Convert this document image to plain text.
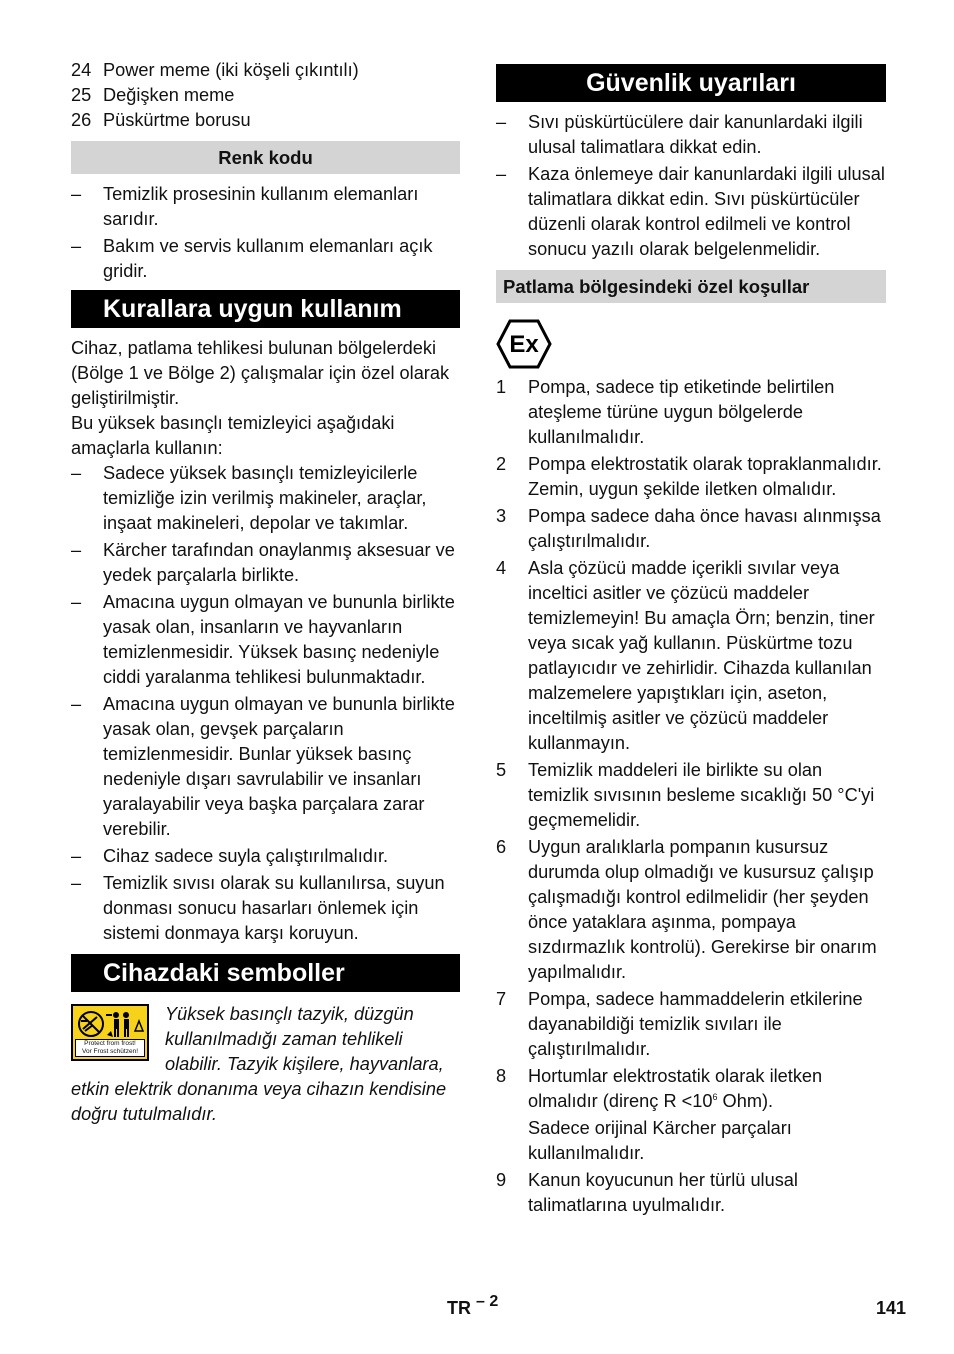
24 Power meme (iki köşeli çıkıntılı)
25 Değişken meme
26 Püskürtme borusu
Renk kodu
–	Temizlik prosesinin kullanım elemanları sarıdır.
–	Bakım ve servis kullanım elemanları açık gridir.
Kurallara uygun kullanım

Cihaz, patlama tehlikesi bulunan bölgelerdeki (Bölge 1 ve Bölge 2) çalışmalar için özel olarak geliştirilmiştir.

Bu yüksek basınçlı temizleyici aşağıdaki amaçlarla kullanın:

–	Sadece yüksek basınçlı temizleyicilerle temizliğe izin verilmiş makineler, araçlar, inşaat makineleri, depolar ve takımlar.
–	Kärcher tarafından onaylanmış aksesuar ve yedek parçalarla birlikte.
–	Amacına uygun olmayan ve bununla birlikte yasak olan, insanların ve hayvanların temizlenmesidir. Yüksek basınç nedeniyle ciddi yaralanma tehlikesi bulunmaktadır.
–	Amacına uygun olmayan ve bununla birlikte yasak olan, gevşek parçaların temizlenmesidir. Bunlar yüksek basınç nedeniyle dışarı savrulabilir ve insanları yaralayabilir veya başka parçalara zarar verebilir.
–	Cihaz sadece suyla çalıştırılmalıdır.
–	Temizlik sıvısı olarak su kullanılırsa, suyun donması sonucu hasarları önlemek için sistemi donmaya karşı koruyun.
Cihazdaki semboller
Protect from frost!
Vor Frost schützen!

Yüksek basınçlı tazyik, düzgün kullanılmadığı zaman tehlikeli olabilir. Tazyik kişilere, hayvanlara, etkin elektrik donanıma veya cihazın kendisine doğru tutulmalıdır.

Güvenlik uyarıları
–	Sıvı püskürtücülere dair kanunlardaki ilgili ulusal talimatlara dikkat edin.
–	Kaza önlemeye dair kanunlardaki ilgili ulusal talimatlara dikkat edin. Sıvı püskürtücüler düzenli olarak kontrol edilmeli ve kontrol sonucu yazılı olarak belgelenmelidir.
Patlama bölgesindeki özel koşullar
Ex
1	Pompa, sadece tip etiketinde belirtilen ateşleme türüne uygun bölgelerde kullanılmalıdır.
2	Pompa elektrostatik olarak topraklanmalıdır. Zemin, uygun şekilde iletken olmalıdır.
3	Pompa sadece daha önce havası alınmışsa çalıştırılmalıdır.
4	Asla çözücü madde içerikli sıvılar veya inceltici asitler ve çözücü maddeler temizlemeyin! Bu amaçla Örn; benzin, tiner veya sıcak yağ kullanın. Püskürtme tozu patlayıcıdır ve zehirlidir. Cihazda kullanılan malzemelere yapıştıkları için, aseton, inceltilmiş asitler ve çözücü maddeler kullanmayın.
5	Temizlik maddeleri ile birlikte su olan temizlik sıvısının besleme sıcaklığı 50 °C'yi geçmemelidir.
6	Uygun aralıklarla pompanın kusursuz durumda olup olmadığı ve kusursuz çalışıp çalışmadığı kontrol edilmelidir (her şeyden önce yataklara aşınma, pompaya sızdırmazlık kontrolü). Gerekirse bir onarım yapılmalıdır.
7	Pompa, sadece hammaddelerin etkilerine dayanabildiği temizlik sıvıları ile çalıştırılmalıdır.
8	Hortumlar elektrostatik olarak iletken olmalıdır (direnç $R <10^6$ Ohm).
Sadece orijinal Kärcher parçaları kullanılmalıdır.
9	Kanun koyucunun her türlü ulusal talimatlarına uyulmalıdır.
TR – 2	141
